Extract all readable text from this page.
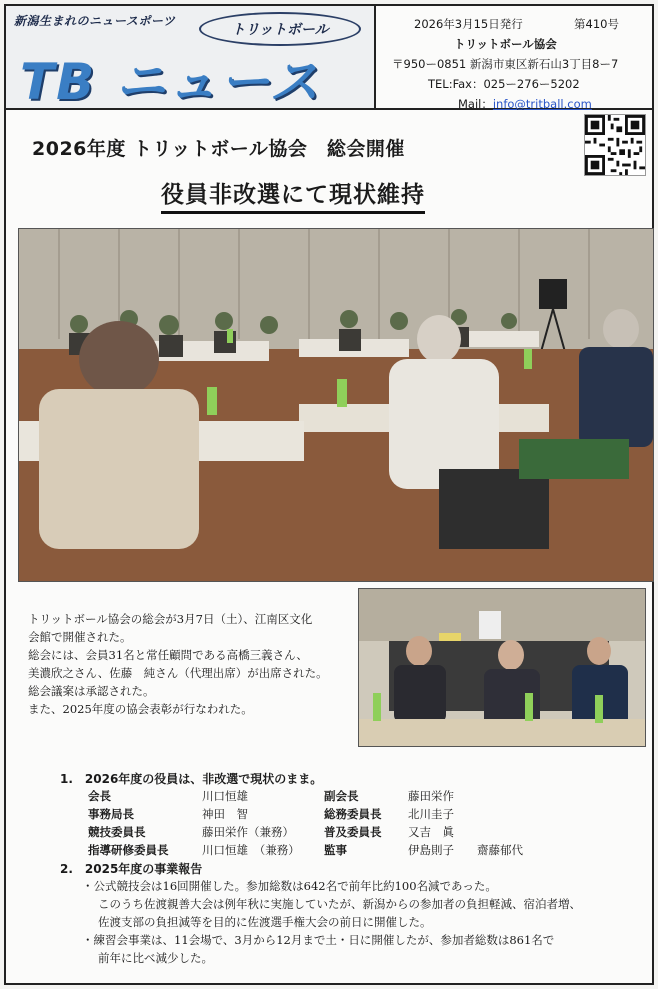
新潟生まれのニュースポーツ
トリットボール
TB ニュース
2026年3月15日発行	第410号
トリットボール協会
〒950ー0851 新潟市東区新石山3丁目8ー7
TEL:Fax：025ー276ー5202
Mail：info@tritball.com
2026年度 トリットボール協会　総会開催
役員非改選にて現状維持
トリットボール協会の総会が3月7日（土）、江南区文化
会館で開催された。
総会には、会員31名と常任顧問である高橋三義さん、
美濃欣之さん、佐藤　純さん（代理出席）が出席された。
総会議案は承認された。
また、2025年度の協会表彰が行なわれた。
1.　2026年度の役員は、非改選で現状のまま。
会長	川口恒雄	副会長	藤田栄作
事務局長	神田　智	総務委員長 北川圭子
競技委員長	藤田栄作（兼務）	普及委員長 又吉　眞
指導研修委員長	川口恒雄　（兼務） 監事	伊島則子　　齋藤郁代
2.　2025年度の事業報告
・公式競技会は16回開催した。参加総数は642名で前年比約100名減であった。
このうち佐渡親善大会は例年秋に実施していたが、新潟からの参加者の負担軽減、宿泊者増、
佐渡支部の負担減等を目的に佐渡選手権大会の前日に開催した。
・練習会事業は、11会場で、3月から12月まで土・日に開催したが、参加者総数は861名で
前年に比べ減少した。
